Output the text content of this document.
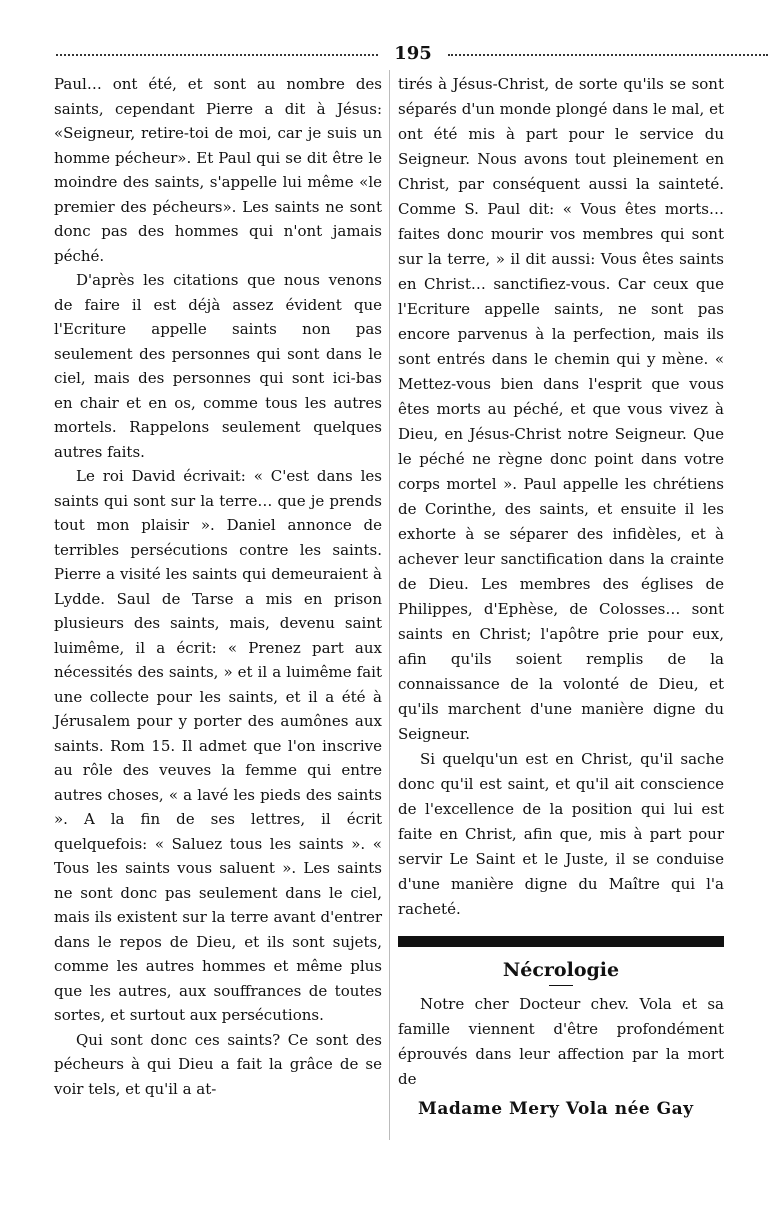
195

Paul… ont été, et sont au nombre des saints, cependant Pierre a dit à Jésus: «Seigneur, retire-toi de moi, car je suis un homme pécheur». Et Paul qui se dit être le moindre des saints, s'appelle lui même «le premier des pécheurs». Les saints ne sont donc pas des hommes qui n'ont jamais péché.

D'après les citations que nous venons de faire il est déjà assez évident que l'Ecriture appelle saints non pas seulement des personnes qui sont dans le ciel, mais des personnes qui sont ici-bas en chair et en os, comme tous les autres mortels. Rappelons seulement quelques autres faits.

Le roi David écrivait: « C'est dans les saints qui sont sur la terre… que je prends tout mon plaisir ». Daniel annonce de terribles persécutions contre les saints. Pierre a visité les saints qui demeuraient à Lydde. Saul de Tarse a mis en prison plusieurs des saints, mais, devenu saint luimême, il a écrit: « Prenez part aux nécessités des saints, » et il a luimême fait une collecte pour les saints, et il a été à Jérusalem pour y porter des aumônes aux saints. Rom 15. Il admet que l'on inscrive au rôle des veuves la femme qui entre autres choses, « a lavé les pieds des saints ». A la fin de ses lettres, il écrit quelquefois: « Saluez tous les saints ». « Tous les saints vous saluent ». Les saints ne sont donc pas seulement dans le ciel, mais ils existent sur la terre avant d'entrer dans le repos de Dieu, et ils sont sujets, comme les autres hommes et même plus que les autres, aux souffrances de toutes sortes, et surtout aux persécutions.

Qui sont donc ces saints? Ce sont des pécheurs à qui Dieu a fait la grâce de se voir tels, et qu'il a at-

tirés à Jésus-Christ, de sorte qu'ils se sont séparés d'un monde plongé dans le mal, et ont été mis à part pour le service du Seigneur. Nous avons tout pleinement en Christ, par conséquent aussi la sainteté. Comme S. Paul dit: « Vous êtes morts… faites donc mourir vos membres qui sont sur la terre, » il dit aussi: Vous êtes saints en Christ… sanctifiez-vous. Car ceux que l'Ecriture appelle saints, ne sont pas encore parvenus à la perfection, mais ils sont entrés dans le chemin qui y mène. « Mettez-vous bien dans l'esprit que vous êtes morts au péché, et que vous vivez à Dieu, en Jésus-Christ notre Seigneur. Que le péché ne règne donc point dans votre corps mortel ». Paul appelle les chrétiens de Corinthe, des saints, et ensuite il les exhorte à se séparer des infidèles, et à achever leur sanctification dans la crainte de Dieu. Les membres des églises de Philippes, d'Ephèse, de Colosses… sont saints en Christ; l'apôtre prie pour eux, afin qu'ils soient remplis de la connaissance de la volonté de Dieu, et qu'ils marchent d'une manière digne du Seigneur.

Si quelqu'un est en Christ, qu'il sache donc qu'il est saint, et qu'il ait conscience de l'excellence de la position qui lui est faite en Christ, afin que, mis à part pour servir Le Saint et le Juste, il se conduise d'une manière digne du Maître qui l'a racheté.

Nécrologie

Notre cher Docteur chev. Vola et sa famille viennent d'être profondément éprouvés dans leur affection par la mort de

Madame Mery Vola née Gay
